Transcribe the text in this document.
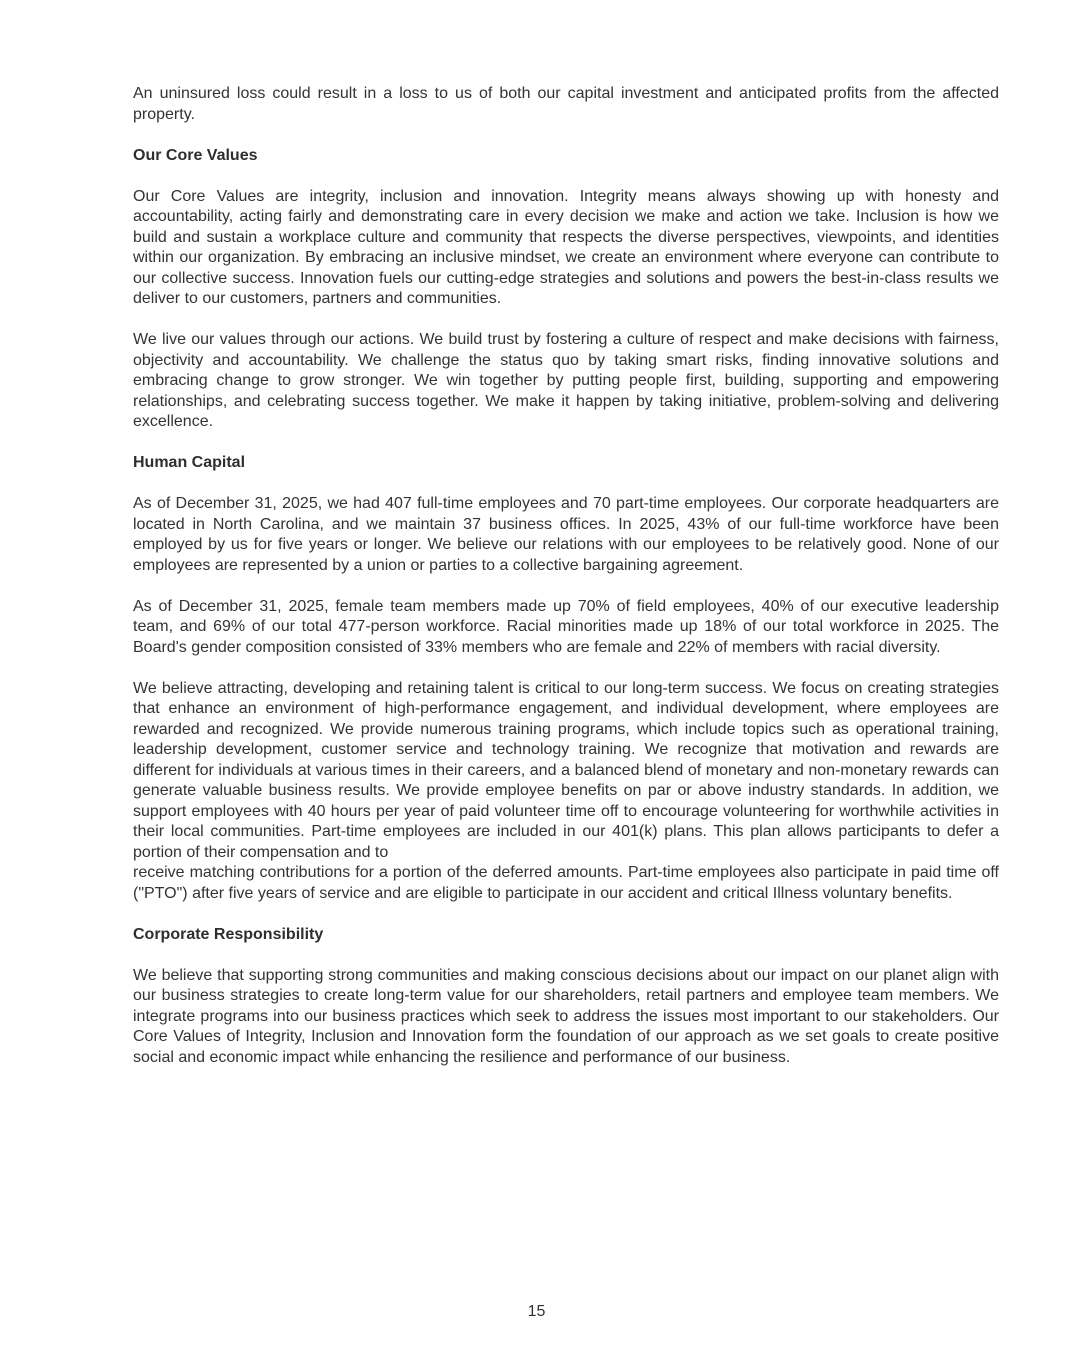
An uninsured loss could result in a loss to us of both our capital investment and anticipated profits from the affected property.

Our Core Values

Our Core Values are integrity, inclusion and innovation. Integrity means always showing up with honesty and accountability, acting fairly and demonstrating care in every decision we make and action we take. Inclusion is how we build and sustain a workplace culture and community that respects the diverse perspectives, viewpoints, and identities within our organization. By embracing an inclusive mindset, we create an environment where everyone can contribute to our collective success. Innovation fuels our cutting-edge strategies and solutions and powers the best-in-class results we deliver to our customers, partners and communities.

We live our values through our actions. We build trust by fostering a culture of respect and make decisions with fairness, objectivity and accountability. We challenge the status quo by taking smart risks, finding innovative solutions and embracing change to grow stronger. We win together by putting people first, building, supporting and empowering relationships, and celebrating success together. We make it happen by taking initiative, problem-solving and delivering excellence.

Human Capital

As of December 31, 2025, we had 407 full-time employees and 70 part-time employees. Our corporate headquarters are located in North Carolina, and we maintain 37 business offices. In 2025, 43% of our full-time workforce have been employed by us for five years or longer. We believe our relations with our employees to be relatively good. None of our employees are represented by a union or parties to a collective bargaining agreement.

As of December 31, 2025, female team members made up 70% of field employees, 40% of our executive leadership team, and 69% of our total 477-person workforce. Racial minorities made up 18% of our total workforce in 2025. The Board's gender composition consisted of 33% members who are female and 22% of members with racial diversity.

We believe attracting, developing and retaining talent is critical to our long-term success. We focus on creating strategies that enhance an environment of high-performance engagement, and individual development, where employees are rewarded and recognized. We provide numerous training programs, which include topics such as operational training, leadership development, customer service and technology training. We recognize that motivation and rewards are different for individuals at various times in their careers, and a balanced blend of monetary and non-monetary rewards can generate valuable business results. We provide employee benefits on par or above industry standards. In addition, we support employees with 40 hours per year of paid volunteer time off to encourage volunteering for worthwhile activities in their local communities. Part-time employees are included in our 401(k) plans. This plan allows participants to defer a portion of their compensation and to
receive matching contributions for a portion of the deferred amounts. Part-time employees also participate in paid time off ("PTO") after five years of service and are eligible to participate in our accident and critical Illness voluntary benefits.
Corporate Responsibility

We believe that supporting strong communities and making conscious decisions about our impact on our planet align with our business strategies to create long-term value for our shareholders, retail partners and employee team members. We integrate programs into our business practices which seek to address the issues most important to our stakeholders. Our Core Values of Integrity, Inclusion and Innovation form the foundation of our approach as we set goals to create positive social and economic impact while enhancing the resilience and performance of our business.

15
